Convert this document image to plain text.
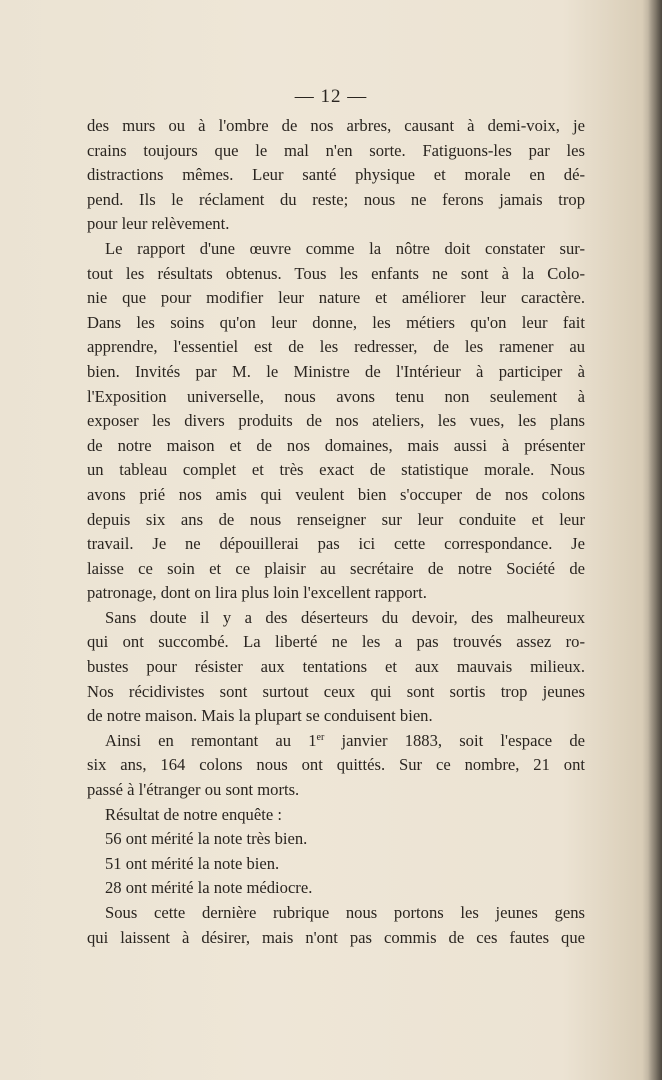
— 12 —
des murs ou à l'ombre de nos arbres, causant à demi-voix, je
crains toujours que le mal n'en sorte. Fatiguons-les par les
distractions mêmes. Leur santé physique et morale en dé-
pend. Ils le réclament du reste; nous ne ferons jamais trop
pour leur relèvement.
Le rapport d'une œuvre comme la nôtre doit constater sur-
tout les résultats obtenus. Tous les enfants ne sont à la Colo-
nie que pour modifier leur nature et améliorer leur caractère.
Dans les soins qu'on leur donne, les métiers qu'on leur fait
apprendre, l'essentiel est de les redresser, de les ramener au
bien. Invités par M. le Ministre de l'Intérieur à participer à
l'Exposition universelle, nous avons tenu non seulement à
exposer les divers produits de nos ateliers, les vues, les plans
de notre maison et de nos domaines, mais aussi à présenter
un tableau complet et très exact de statistique morale. Nous
avons prié nos amis qui veulent bien s'occuper de nos colons
depuis six ans de nous renseigner sur leur conduite et leur
travail. Je ne dépouillerai pas ici cette correspondance. Je
laisse ce soin et ce plaisir au secrétaire de notre Société de
patronage, dont on lira plus loin l'excellent rapport.
Sans doute il y a des déserteurs du devoir, des malheureux
qui ont succombé. La liberté ne les a pas trouvés assez ro-
bustes pour résister aux tentations et aux mauvais milieux.
Nos récidivistes sont surtout ceux qui sont sortis trop jeunes
de notre maison. Mais la plupart se conduisent bien.
Ainsi en remontant au 1er janvier 1883, soit l'espace de
six ans, 164 colons nous ont quittés. Sur ce nombre, 21 ont
passé à l'étranger ou sont morts.
Résultat de notre enquête :
56 ont mérité la note très bien.
51 ont mérité la note bien.
28 ont mérité la note médiocre.
Sous cette dernière rubrique nous portons les jeunes gens
qui laissent à désirer, mais n'ont pas commis de ces fautes que
